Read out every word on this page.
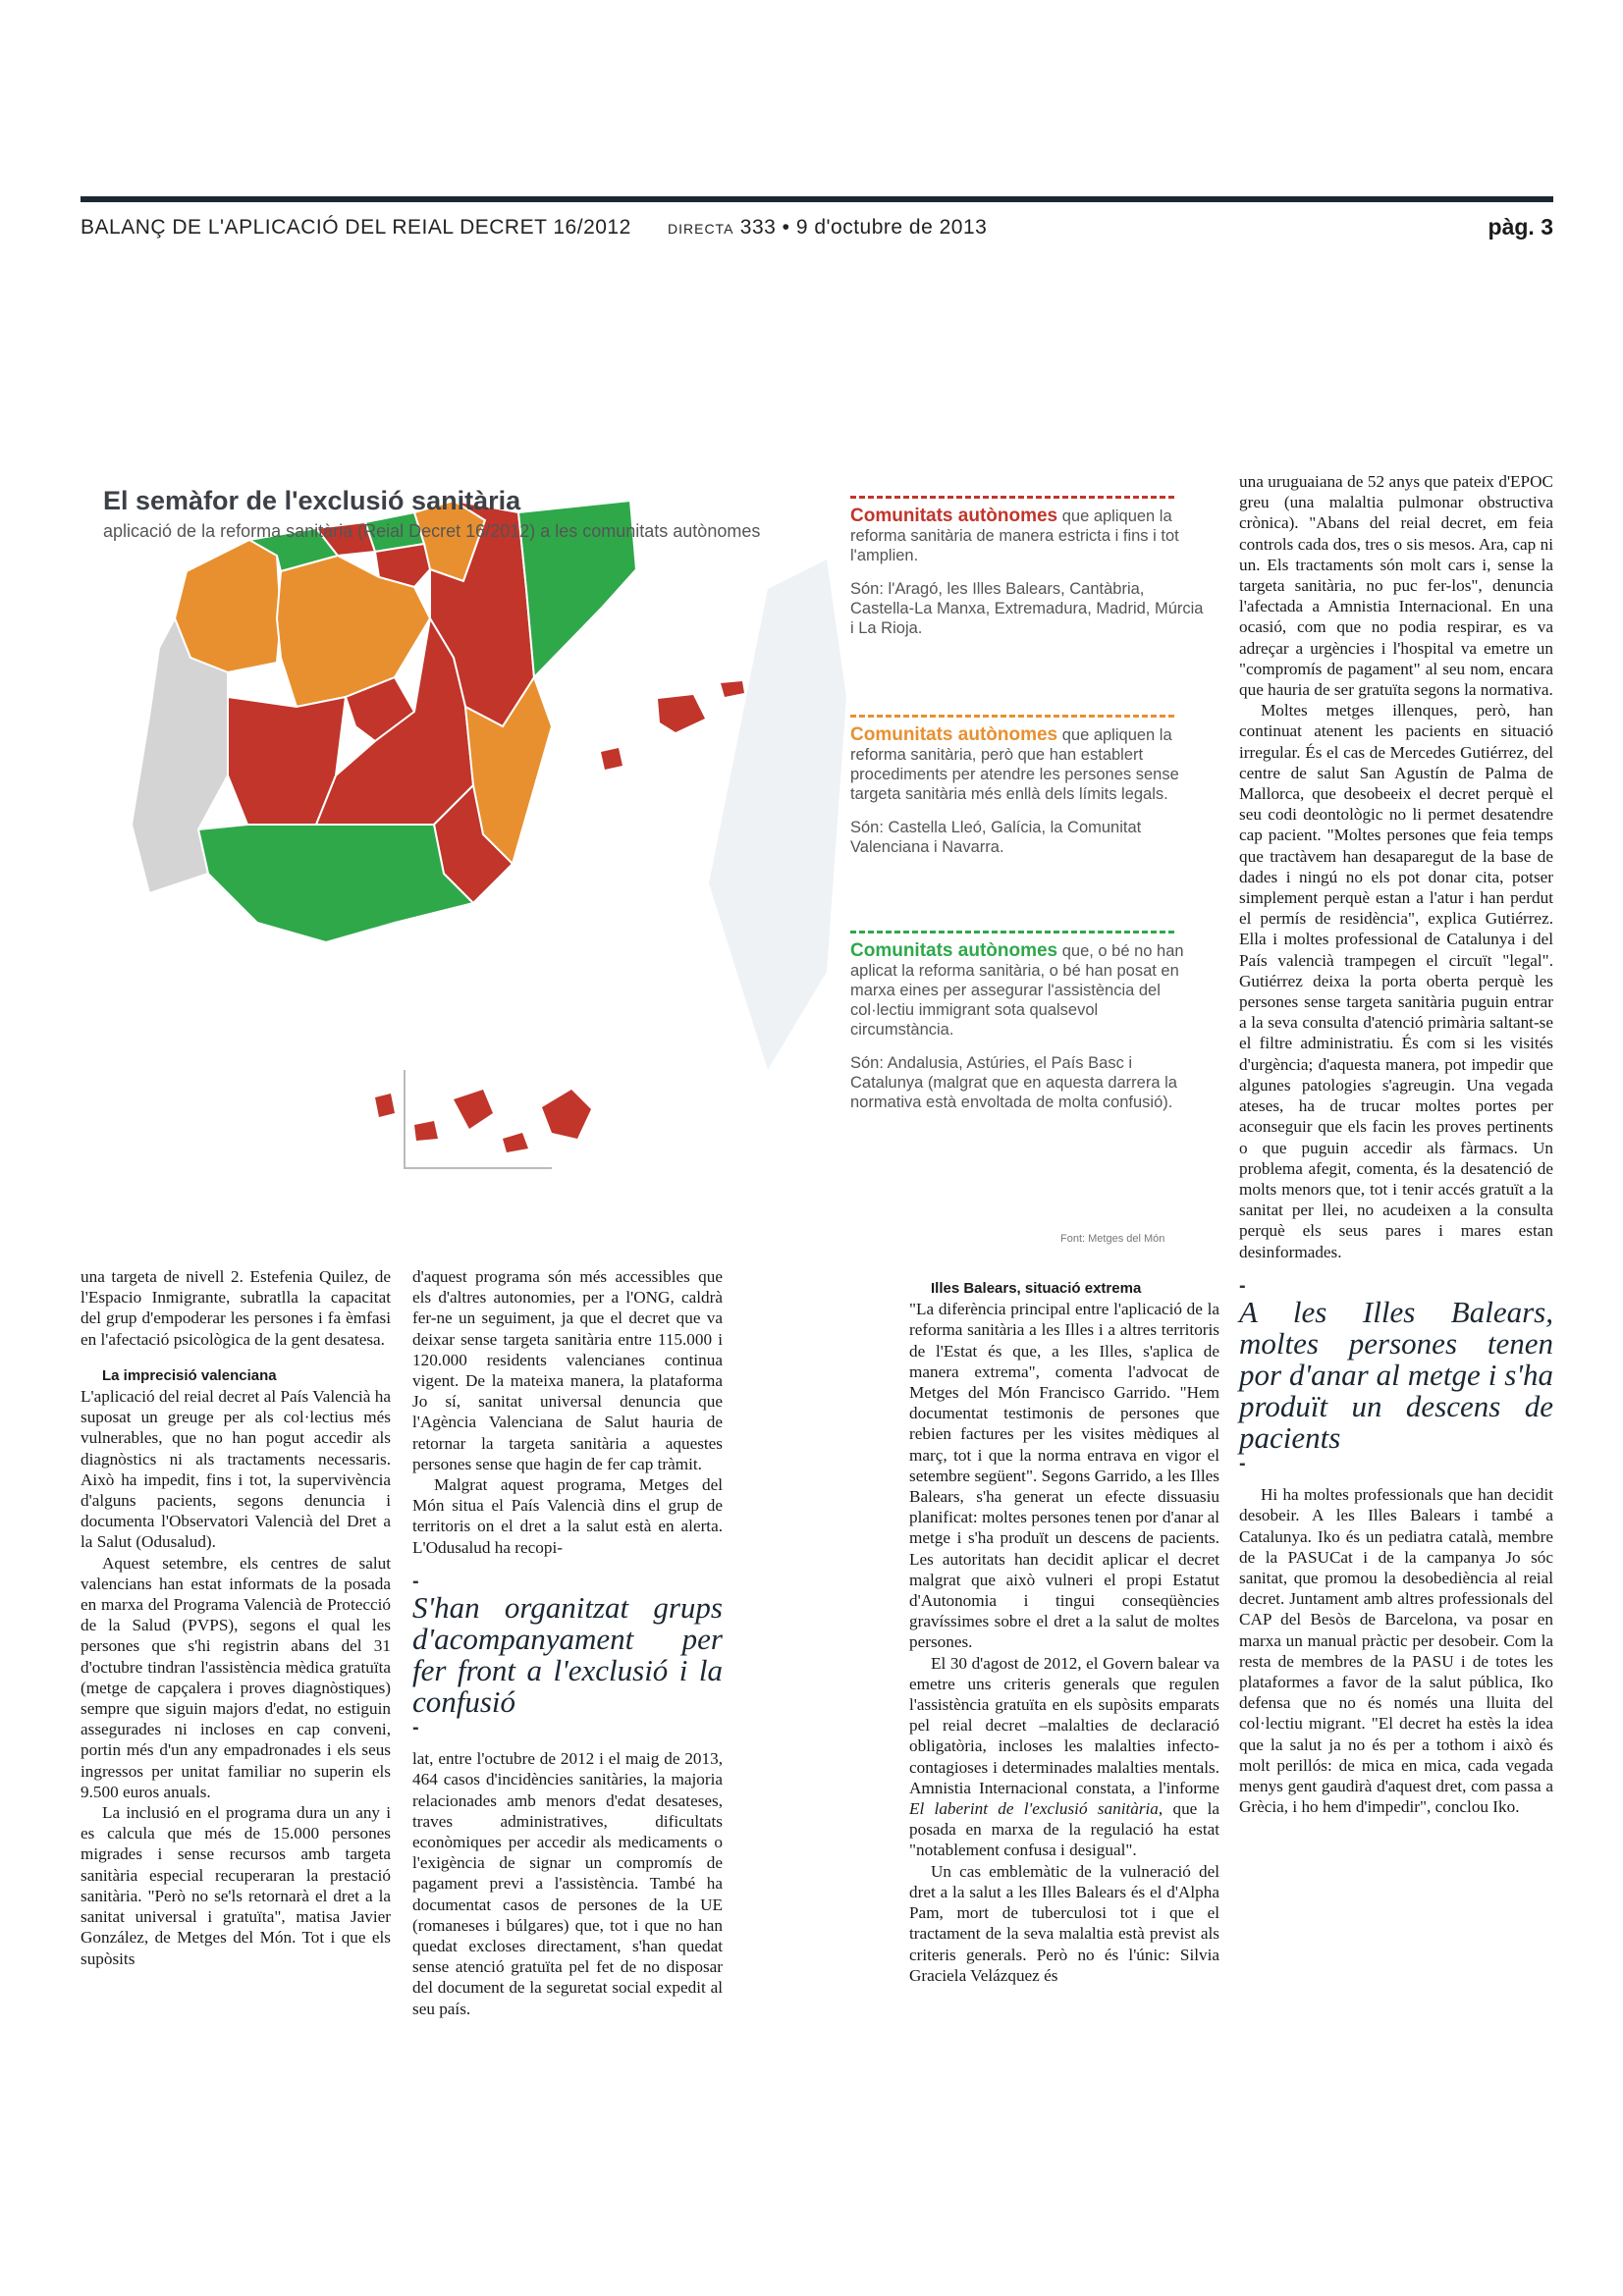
BALANÇ DE L'APLICACIÓ DEL REIAL DECRET 16/2012	DIRECTA 333 • 9 d'octubre de 2013	pàg. 3
El semàfor de l'exclusió sanitària
aplicació de la reforma sanitària (Reial Decret 16/2012) a les comunitats autònomes

Comunitats autònomes que apliquen la reforma sanitària de manera estricta i fins i tot l'amplien.

Són: l'Aragó, les Illes Balears, Cantàbria, Castella-La Manxa, Extremadura, Madrid, Múrcia i La Rioja.

Comunitats autònomes que apliquen la reforma sanitària, però que han establert procediments per atendre les persones sense targeta sanitària més enllà dels límits legals.

Són: Castella Lleó, Galícia, la Comunitat Valenciana i Navarra.

Comunitats autònomes que, o bé no han aplicat la reforma sanitària, o bé han posat en marxa eines per assegurar l'assistència del col·lectiu immigrant sota qualsevol circumstància.

Són: Andalusia, Astúries, el País Basc i Catalunya (malgrat que en aquesta darrera la normativa està envoltada de molta confusió).

Font: Metges del Món

una targeta de nivell 2. Estefenia Quilez, de l'Espacio Inmigrante, subratlla la capacitat del grup d'empoderar les persones i fa èmfasi en l'afectació psicològica de la gent desatesa.

La imprecisió valenciana

L'aplicació del reial decret al País Valencià ha suposat un greuge per als col·lectius més vulnerables, que no han pogut accedir als diagnòstics ni als tractaments necessaris. Això ha impedit, fins i tot, la supervivència d'alguns pacients, segons denuncia i documenta l'Observatori Valencià del Dret a la Salut (Odusalud).

Aquest setembre, els centres de salut valencians han estat informats de la posada en marxa del Programa Valencià de Protecció de la Salud (PVPS), segons el qual les persones que s'hi registrin abans del 31 d'octubre tindran l'assistència mèdica gratuïta (metge de capçalera i proves diagnòstiques) sempre que siguin majors d'edat, no estiguin assegurades ni incloses en cap conveni, portin més d'un any empadronades i els seus ingressos per unitat familiar no superin els 9.500 euros anuals.

La inclusió en el programa dura un any i es calcula que més de 15.000 persones migrades i sense recursos amb targeta sanitària especial recuperaran la prestació sanitària. "Però no se'ls retornarà el dret a la sanitat universal i gratuïta", matisa Javier González, de Metges del Món. Tot i que els supòsits

d'aquest programa són més accessibles que els d'altres autonomies, per a l'ONG, caldrà fer-ne un seguiment, ja que el decret que va deixar sense targeta sanitària entre 115.000 i 120.000 residents valencianes continua vigent. De la mateixa manera, la plataforma Jo sí, sanitat universal denuncia que l'Agència Valenciana de Salut hauria de retornar la targeta sanitària a aquestes persones sense que hagin de fer cap tràmit.

Malgrat aquest programa, Metges del Món situa el País Valencià dins el grup de territoris on el dret a la salut està en alerta. L'Odusalud ha recopi-

-
S'han organitzat grups d'acompanyament per fer front a l'exclusió i la confusió
-

lat, entre l'octubre de 2012 i el maig de 2013, 464 casos d'incidències sanitàries, la majoria relacionades amb menors d'edat desateses, traves administratives, dificultats econòmiques per accedir als medicaments o l'exigència de signar un compromís de pagament previ a l'assistència. També ha documentat casos de persones de la UE (romaneses i búlgares) que, tot i que no han quedat excloses directament, s'han quedat sense atenció gratuïta pel fet de no disposar del document de la seguretat social expedit al seu país.

Illes Balears, situació extrema

"La diferència principal entre l'aplicació de la reforma sanitària a les Illes i a altres territoris de l'Estat és que, a les Illes, s'aplica de manera extrema", comenta l'advocat de Metges del Món Francisco Garrido. "Hem documentat testimonis de persones que rebien factures per les visites mèdiques al març, tot i que la norma entrava en vigor el setembre següent". Segons Garrido, a les Illes Balears, s'ha generat un efecte dissuasiu planificat: moltes persones tenen por d'anar al metge i s'ha produït un descens de pacients. Les autoritats han decidit aplicar el decret malgrat que això vulneri el propi Estatut d'Autonomia i tingui conseqüències gravíssimes sobre el dret a la salut de moltes persones.

El 30 d'agost de 2012, el Govern balear va emetre uns criteris generals que regulen l'assistència gratuïta en els supòsits emparats pel reial decret –malalties de declaració obligatòria, incloses les malalties infecto-contagioses i determinades malalties mentals. Amnistia Internacional constata, a l'informe El laberint de l'exclusió sanitària, que la posada en marxa de la regulació ha estat "notablement confusa i desigual".

Un cas emblemàtic de la vulneració del dret a la salut a les Illes Balears és el d'Alpha Pam, mort de tuberculosi tot i que el tractament de la seva malaltia està previst als criteris generals. Però no és l'únic: Silvia Graciela Velázquez és

una uruguaiana de 52 anys que pateix d'EPOC greu (una malaltia pulmonar obstructiva crònica). "Abans del reial decret, em feia controls cada dos, tres o sis mesos. Ara, cap ni un. Els tractaments són molt cars i, sense la targeta sanitària, no puc fer-los", denuncia l'afectada a Amnistia Internacional. En una ocasió, com que no podia respirar, es va adreçar a urgències i l'hospital va emetre un "compromís de pagament" al seu nom, encara que hauria de ser gratuïta segons la normativa.

Moltes metges illenques, però, han continuat atenent les pacients en situació irregular. És el cas de Mercedes Gutiérrez, del centre de salut San Agustín de Palma de Mallorca, que desobeeix el decret perquè el seu codi deontològic no li permet desatendre cap pacient. "Moltes persones que feia temps que tractàvem han desaparegut de la base de dades i ningú no els pot donar cita, potser simplement perquè estan a l'atur i han perdut el permís de residència", explica Gutiérrez. Ella i moltes professional de Catalunya i del País valencià trampegen el circuït "legal". Gutiérrez deixa la porta oberta perquè les persones sense targeta sanitària puguin entrar a la seva consulta d'atenció primària saltant-se el filtre administratiu. És com si les visités d'urgència; d'aquesta manera, pot impedir que algunes patologies s'agreugin. Una vegada ateses, ha de trucar moltes portes per aconseguir que els facin les proves pertinents o que puguin accedir als fàrmacs. Un problema afegit, comenta, és la desatenció de molts menors que, tot i tenir accés gratuït a la sanitat per llei, no acudeixen a la consulta perquè els seus pares i mares estan desinformades.

-
A les Illes Balears, moltes persones tenen por d'anar al metge i s'ha produït un descens de pacients
-

Hi ha moltes professionals que han decidit desobeir. A les Illes Balears i també a Catalunya. Iko és un pediatra català, membre de la PASUCat i de la campanya Jo sóc sanitat, que promou la desobediència al reial decret. Juntament amb altres professionals del CAP del Besòs de Barcelona, va posar en marxa un manual pràctic per desobeir. Com la resta de membres de la PASU i de totes les plataformes a favor de la salut pública, Iko defensa que no és només una lluita del col·lectiu migrant. "El decret ha estès la idea que la salut ja no és per a tothom i això és molt perillós: de mica en mica, cada vegada menys gent gaudirà d'aquest dret, com passa a Grècia, i ho hem d'impedir", conclou Iko.
